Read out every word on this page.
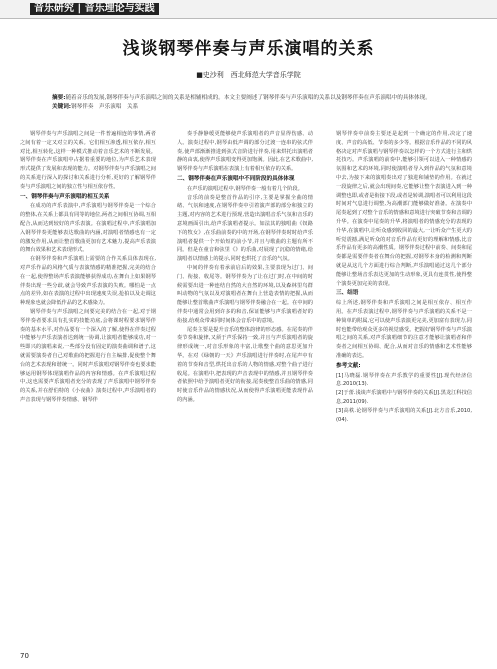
音乐研究 | 音乐理论与实践
浅谈钢琴伴奏与声乐演唱的关系
■史沙利　西北师范大学音乐学院
摘要:随着音乐的发展,钢琴伴奏与声乐演唱之间的关系是相辅相成的。本文主要阐述了钢琴伴奏与声乐演唱的关系以及钢琴伴奏在声乐演唱中的具体体现。
关键词:钢琴伴奏　声乐演唱　关系

钢琴伴奏与声乐演唱之间是一件普遍相连的事情,两者之间有着一定又对立的关系。它们相互渗透,相互依存,相互对比,相互转化,这样一种模式推动着音乐艺术的不断发展。钢琴伴奏在声乐演唱中占据着重要的地位,为声乐艺术表现形式提供了发展和表现的能力。对钢琴伴奏与声乐演唱之间的关系进行深入的探讨和关系进行分析,更好的了解钢琴伴奏与声乐演唱之间的独立性与相互依存性。

一、钢琴伴奏与声乐演唱的相互关系

在成功的声乐表演中,声乐演唱与钢琴伴奏是一个综合的整体,在关系上都具有同等的地位,两者之间相互协调,互相配合,从而达到较好的声乐表演。在演唱过程中,声乐演唱加入钢琴伴奏更能够表达歌曲的内涵,对演唱者情感也有一定的激发作用,从而让整首歌曲更加有艺术魅力,提高声乐表演的舞台效果和艺术表现形式。

在钢琴伴奏和声乐演唱上需要的合作关系具体表现在,对声乐作品的风格气质与表演情感的精准把握,完美的结合在一起,使得整场声乐表演能够获得成功,在舞台上如果钢琴伴奏出现一些分歧,就会导致声乐表演的失败。哪怕是一点点的差异,如在表演的过程中出现速度失误,抢拍以及走调这种现象也就会降低作品的艺术感染力。

钢琴伴奏与声乐演唱之间要完美的结合在一起,对于钢琴伴奏者要求具有扎实的技能功底,会将课时程要求钢琴伴奏的基本水平,对作品要有一个深入的了解,使得在伴奏过程中能够与声乐表演者达到统一协调,让演唱者能够成功,对一些即兴的演唱来说,一些部分没有固定的演奏曲调和谱子,这就需要演奏者自己对歌曲的把握进行自主编排,促使整个舞台的艺术表现和谐统一。同时声乐演唱对钢琴伴奏也要求能够运用钢琴体现演唱作品的内容和情感。在声乐演唱过程中,这也需要声乐演唱者充分的表现了声乐演唱中钢琴伴奏的关系,并在舒伯特的《小夜曲》演奏过程中,声乐演唱者的声音表现与钢琴伴奏情感、钢琴伴

奏手静静缓更能够使声乐演唱者的声音显得伤感、动人。演奏过程中,钢琴由低声调的部分过渡一连串的弦式伴奏,使声部渐渐推进到弦式音阶进行伴奏,用来烘托出演唱者静的由衷,使得声乐演唱变得更加饱满。因此,在艺术歌曲中,钢琴伴奏与声乐演唱在表演上有着相互依存的关系。

二、钢琴伴奏在声乐演唱中不同阶段的具体体现

在声乐的演唱过程中,钢琴伴奏一般有着几个阶段。

音乐的前奏是整首作品的引序,主要是掌握全曲的情绪、气氛和速度,在钢琴伴奏中引着演声部的部分和独立的主题,对内容的艺术进行预现,营造出演唱音乐气氛和音乐的意境画面引出,给声乐演唱者提示。如法其的独唱曲《钗路下的牧女》,在乐曲前奏的中的开场,在钢琴伴奏时时给声乐演唱者提供一个开始短的前小节,并且与歌曲的主题有所不同。但是在童音和弦里《》的乐曲,对展现了沉稳的情绪,给演唱者以情感上的提示,同时也烘托了音乐的气氛。

中间的伴奏有着承前启后的效果,主要表现为过门、间门、衔接、收尾等。钢琴伴奏为了让在过门时,在中间的时候需要出进一种连结自然的大自然的环境,以及森林里鸟群叫动物的气氛以及对演唱者在舞台上营造表情的把握,从而能够让整首歌曲声乐演唱与钢琴伴奏融合在一起。在中间的伴奏中通常会用到许多的和音,保证能够与声乐演唱者好的衔接,给观众带来同时间体会音乐中的意境。

尾奏主要是提升音乐的整体韵律的形态感。在尾奏的伴奏节奏和旋律,又须于声乐保持一致,并且与声乐演唱者的旋律形成统一,对音乐形象的丰富,让歌整个曲的意思更加升华。在对《绿朝的一天》声乐演唱进行伴奏时,在尾声中有着的节奏和音型,烘托出音乐的人物的情感,对整个曲子进行收尾。在演唱中,把表现的声音表现中的情感,并且钢琴伴奏者依照中给予演唱者更好的衔接,尾奏使整首乐曲的情感,同时使音乐作品的情感状况,从而使得声乐演唱更能表现作品的内涵。

钢琴伴奏中前奏主要还是起到一个确定的作用,决定了速度、声音的高低、节奏的多少等。根据音乐作品的不同的风格决定对声乐演唱与钢琴伴奏以怎样的一个方式进行主和烘托技巧。声乐演唱的前奏中,能够引领可以进入一种情感的氛围和艺术的环境,同时使演唱者导入到作品的气氛和意境中去,为接下来的演唱奏出对了独进和铺垫的作用。在就过一段旋律之后,就会出现间奏,它能够让整个表演进入到一种调整也即,或者是衔接下段,或者是转调,演唱者可以利用这段时间对气息进行调整,为高潮部门能够做好准备。在演奏中尾奏起到了对整个音乐的情感和意境进行突破节奏和音调的升华。在演奏中尾奏的升华,将演唱者的情感充分的表现的升华,在演唱中,让听众感到收回的最大,一让听众产生更大的听觉震撼,满足听众的对音乐作品有更好的理解和情感,比音乐作品有更多的高潮性质。钢琴伴奏过程中前奏、间奏和尾奏都是需要伴奏者在舞台的把握,对钢琴本身的检测和判断就是从这几个方面进行综合判断,声乐演唱通过这几个部分能够让整场音乐表达更加的生动形象,更具有连贯性,使得整个演奏更加完美的表现。

三、结语

综上所述,钢琴伴奏和声乐演唱之间是相互依存、相互作用。在声乐表演过程中,钢琴伴奏与声乐演唱的关系不是一种简单的附属,它可以使声乐表演更完美,更加富有表现力,同时也能带给观众更多的视觉感受。把握好钢琴伴奏与声乐演唱之间的关系,对声乐演唱细节的注意才能够让演唱者和伴奏者之间相互协调、配合,从而对音乐的情感和艺术性能够准确的表达。

参考文献:

[1]马晓磊.钢琴伴奏在声乐教学的重要性[J].现代经济信息.2010(13).

[2]于蕾.浅谈声乐演唱中与钢琴伴奏的关系[J].黑龙江科技信息,2011(09).

[3]高秩.论钢琴伴奏与声乐演唱的关系[J].北方音乐,2010,(04).

70
